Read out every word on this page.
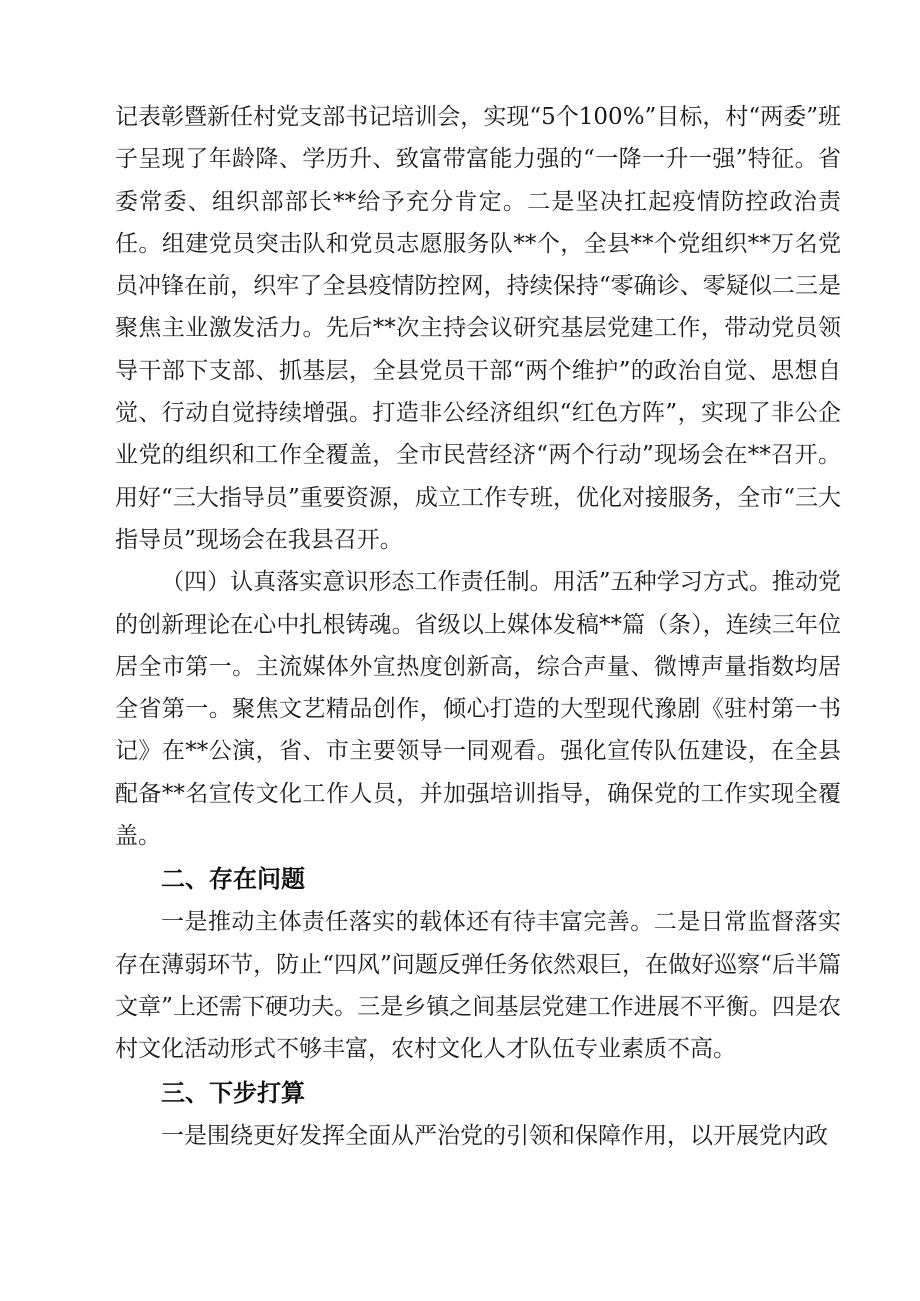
记表彰暨新任村党支部书记培训会，实现“5个100%”目标，村“两委”班子呈现了年龄降、学历升、致富带富能力强的“一降一升一强”特征。省委常委、组织部部长**给予充分肯定。二是坚决扛起疫情防控政治责任。组建党员突击队和党员志愿服务队**个，全县**个党组织**万名党员冲锋在前，织牢了全县疫情防控网，持续保持“零确诊、零疑似二三是聚焦主业激发活力。先后**次主持会议研究基层党建工作，带动党员领导干部下支部、抓基层，全县党员干部“两个维护”的政治自觉、思想自觉、行动自觉持续增强。打造非公经济组织“红色方阵”，实现了非公企业党的组织和工作全覆盖，全市民营经济“两个行动”现场会在**召开。用好“三大指导员”重要资源，成立工作专班，优化对接服务，全市“三大指导员”现场会在我县召开。

（四）认真落实意识形态工作责任制。用活”五种学习方式。推动党的创新理论在心中扎根铸魂。省级以上媒体发稿**篇（条），连续三年位居全市第一。主流媒体外宣热度创新高，综合声量、微博声量指数均居全省第一。聚焦文艺精品创作，倾心打造的大型现代豫剧《驻村第一书记》在**公演，省、市主要领导一同观看。强化宣传队伍建设，在全县配备**名宣传文化工作人员，并加强培训指导，确保党的工作实现全覆盖。

二、存在问题

一是推动主体责任落实的载体还有待丰富完善。二是日常监督落实存在薄弱环节，防止“四风”问题反弹任务依然艰巨，在做好巡察“后半篇文章”上还需下硬功夫。三是乡镇之间基层党建工作进展不平衡。四是农村文化活动形式不够丰富，农村文化人才队伍专业素质不高。

三、下步打算

一是围绕更好发挥全面从严治党的引领和保障作用，以开展党内政
